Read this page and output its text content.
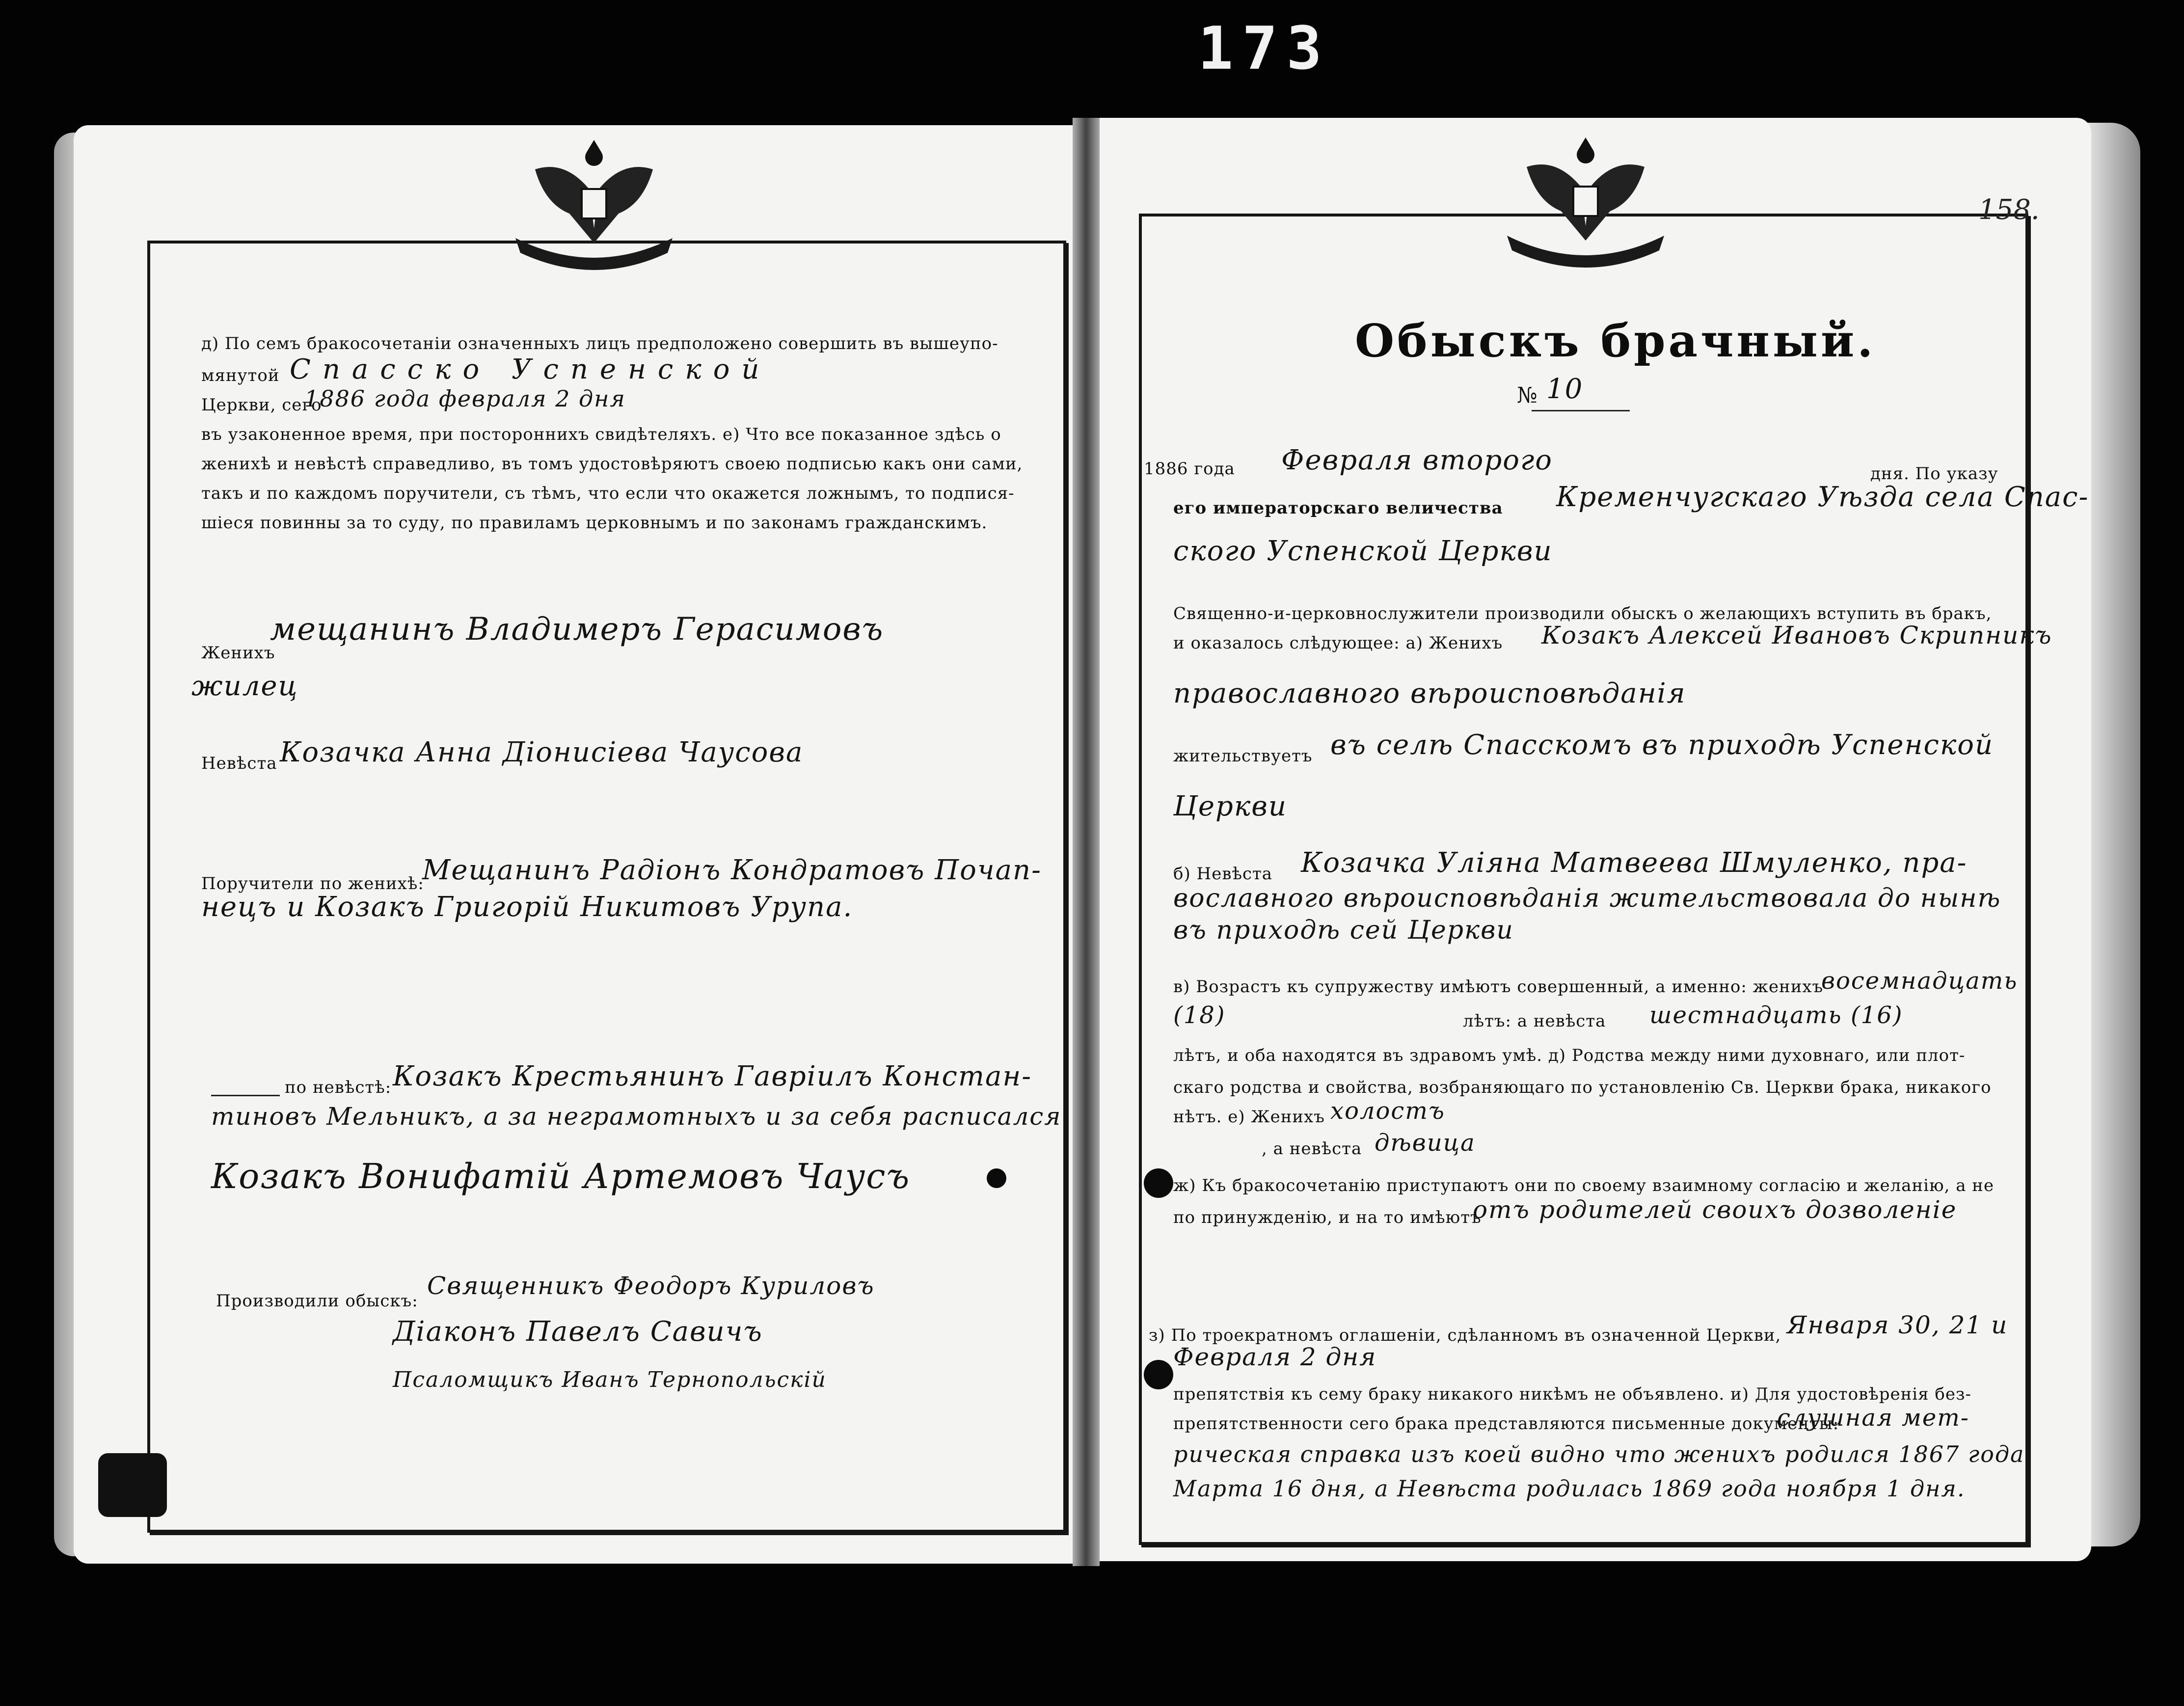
173
158.
д) По семъ бракосочетанiи означенныхъ лицъ предположено совершить въ вышеупо-
мянутой Спасско Успенской
Церкви, сего
1886 года февраля 2 дня
въ узаконенное время, при постороннихъ свидѣтеляхъ. е) Что все показанное здѣсь о
женихѣ и невѣстѣ справедливо, въ томъ удостовѣряютъ своею подписью какъ они сами,
такъ и по каждомъ поручители, съ тѣмъ, что если что окажется ложнымъ, то подпися-
шiеся повинны за то суду, по правиламъ церковнымъ и по законамъ гражданскимъ.
Женихъ
мещанинъ Владимеръ Герасимовъ
жилец
Невѣста Козачка Анна Дiонисiева Чаусова
Поручители по женихѣ:
Мещанинъ Радiонъ Кондратовъ Почап-
нецъ и Козакъ Григорiй Никитовъ Урупа.
по невѣстѣ: Козакъ Крестьянинъ Гаврiилъ Констан-
тиновъ Мельникъ, а за неграмотныхъ и за себя расписался
Козакъ Вонифатiй Артемовъ Чаусъ
Производили обыскъ:
Священникъ Феодоръ Куриловъ
Дiаконъ Павелъ Савичъ
Псаломщикъ Иванъ Тернопольскiй
Обыскъ брачный.
№ 10
1886 года Февраля второго	дня. По указу
его императорскаго величества Кременчугскаго Уѣзда села Спас-
ского Успенской Церкви
Священно-и-церковнослужители производили обыскъ о желающихъ вступить въ бракъ,
и оказалось слѣдующее: а) Женихъ Козакъ Алексей Ивановъ Скрипникъ
православного вѣроисповѣданiя
жительствуетъ въ селѣ Спасскомъ въ приходѣ Успенской
Церкви
б) Невѣста Козачка Улiяна Матвеева Шмуленко, пра-
вославного вѣроисповѣданiя жительствовала до нынѣ
въ приходѣ сей Церкви
в) Возрастъ къ супружеству имѣютъ совершенный, а именно: женихъ
восемнадцать
(18)	лѣтъ: а невѣста шестнадцать (16)
лѣтъ, и оба находятся въ здравомъ умѣ. д) Родства между ними духовнаго, или плот-
скаго родства и свойства, возбраняющаго по установленiю Св. Церкви брака, никакого
нѣтъ. е) Женихъ холостъ
, а невѣста дѣвица
ж) Къ бракосочетанiю приступаютъ они по своему взаимному согласiю и желанiю, а не
по принужденiю, и на то имѣютъ
отъ родителей своихъ дозволенiе
з) По троекратномъ оглашенiи, сдѣланномъ въ означенной Церкви, Января 30, 21 и
Февраля 2 дня
препятствiя къ сему браку никакого никѣмъ не объявлено. и) Для удостовѣренiя без-
препятственности сего брака представляются письменные документы:
слушная мет-
рическая справка изъ коей видно что женихъ родился 1867 года
Марта 16 дня, а Невѣста родилась 1869 года ноября 1 дня.
